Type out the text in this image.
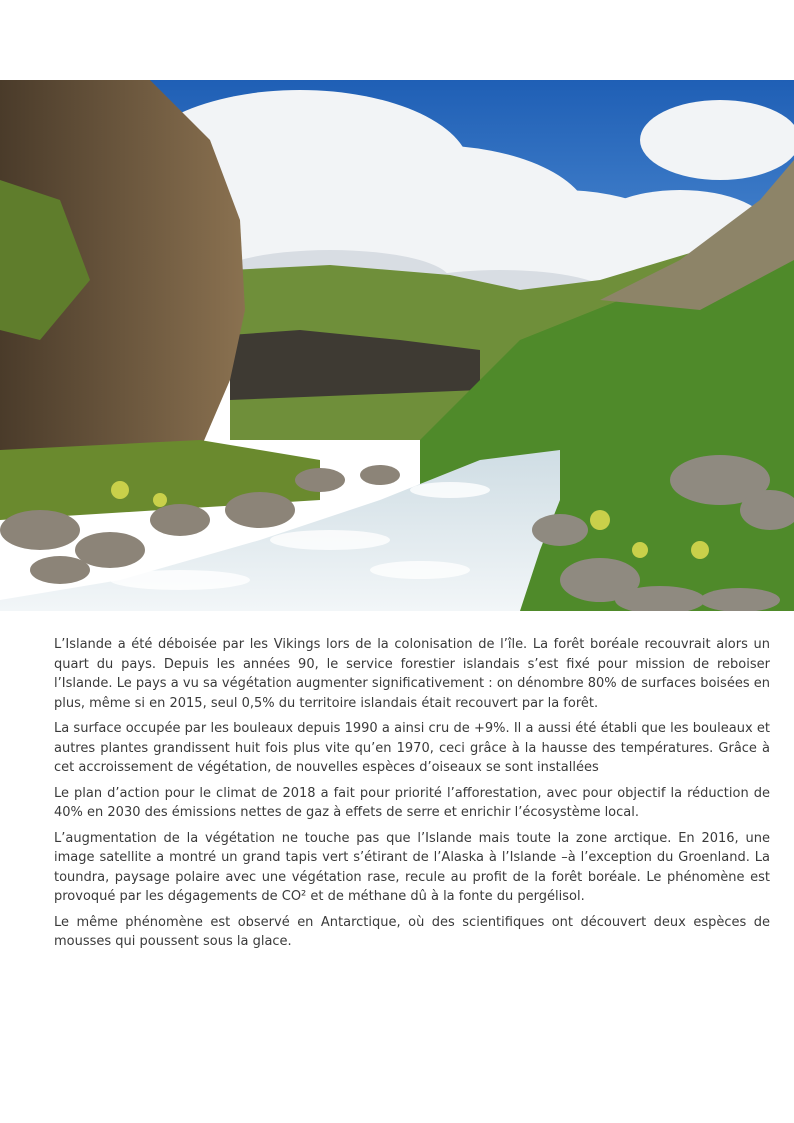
L’Islande a été déboisée par les Vikings lors de la colonisation de l’île. La forêt boréale recouvrait alors un quart du pays. Depuis les années 90, le service forestier islandais s’est fixé pour mission de reboiser l’Islande. Le pays a vu sa végétation augmenter significativement : on dénombre 80% de surfaces boisées en plus, même si en 2015, seul 0,5% du territoire islandais était recouvert par la forêt.

La surface occupée par les bouleaux depuis 1990 a ainsi cru de +9%. Il a aussi été établi que les bouleaux et autres plantes grandissent huit fois plus vite qu’en 1970, ceci grâce à la hausse des températures. Grâce à cet accroissement de végétation, de nouvelles espèces d’oiseaux se sont installées

Le plan d’action pour le climat de 2018 a fait pour priorité l’afforestation, avec pour objectif la réduction de 40% en 2030 des émissions nettes de gaz à effets de serre et enrichir l’écosystème local.

L’augmentation de la végétation ne touche pas que l’Islande mais toute la zone arctique. En 2016, une image satellite a montré un grand tapis vert s’étirant de l’Alaska à l’Islande –à l’exception du Groenland. La toundra, paysage polaire avec une végétation rase, recule au profit de la forêt boréale. Le phénomène est provoqué par les dégagements de CO² et de méthane dû à la fonte du pergélisol.

Le même phénomène est observé en Antarctique, où des scientifiques ont découvert deux espèces de mousses qui poussent sous la glace.
